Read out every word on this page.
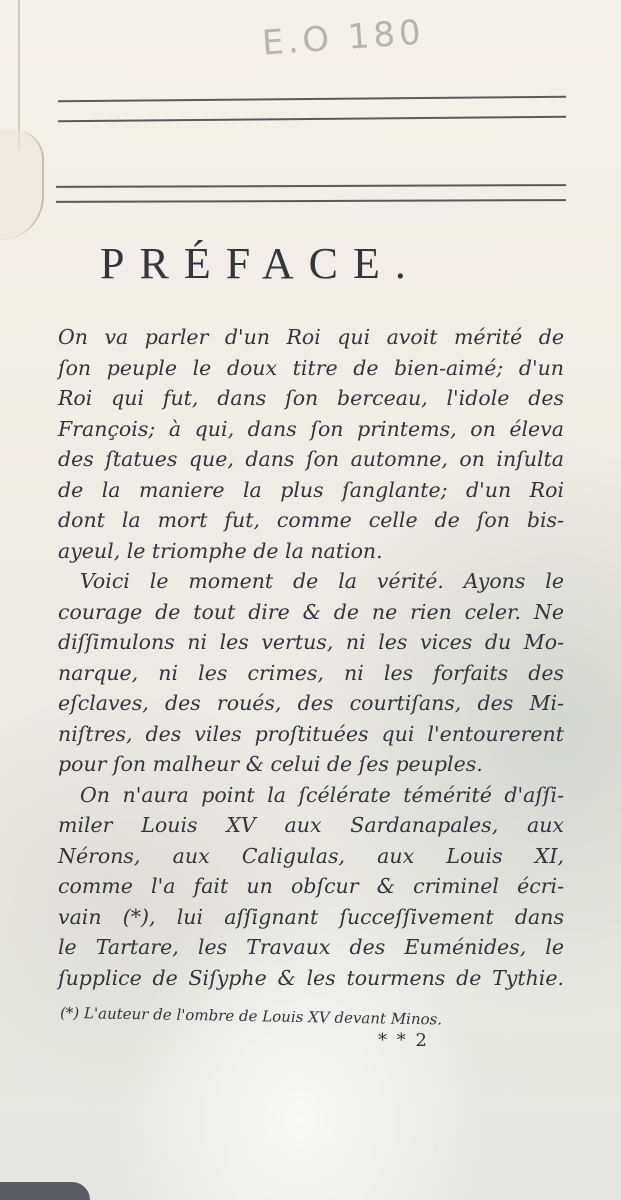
E.O 180
PRÉFACE.

On va parler d'un Roi qui avoit mérité de
ſon peuple le doux titre de bien-aimé; d'un
Roi qui fut, dans ſon berceau, l'idole des
François; à qui, dans ſon printems, on éleva
des ſtatues que, dans ſon automne, on inſulta
de la maniere la plus ſanglante; d'un Roi
dont la mort fut, comme celle de ſon bis-
ayeul, le triomphe de la nation.

Voici le moment de la vérité. Ayons le
courage de tout dire & de ne rien celer. Ne
diſſimulons ni les vertus, ni les vices du Mo-
narque, ni les crimes, ni les forfaits des
eſclaves, des roués, des courtiſans, des Mi-
niſtres, des viles proſtituées qui l'entourerent
pour ſon malheur & celui de ſes peuples.

On n'aura point la ſcélérate témérité d'aſſi-
miler Louis XV aux Sardanapales, aux
Nérons, aux Caligulas, aux Louis XI,
comme l'a fait un obſcur & criminel écri-
vain (*), lui aſſignant ſucceſſivement dans
le Tartare, les Travaux des Euménides, le
ſupplice de Siſyphe & les tourmens de Tythie.

(*) L'auteur de l'ombre de Louis XV devant Minos.
* * 2
